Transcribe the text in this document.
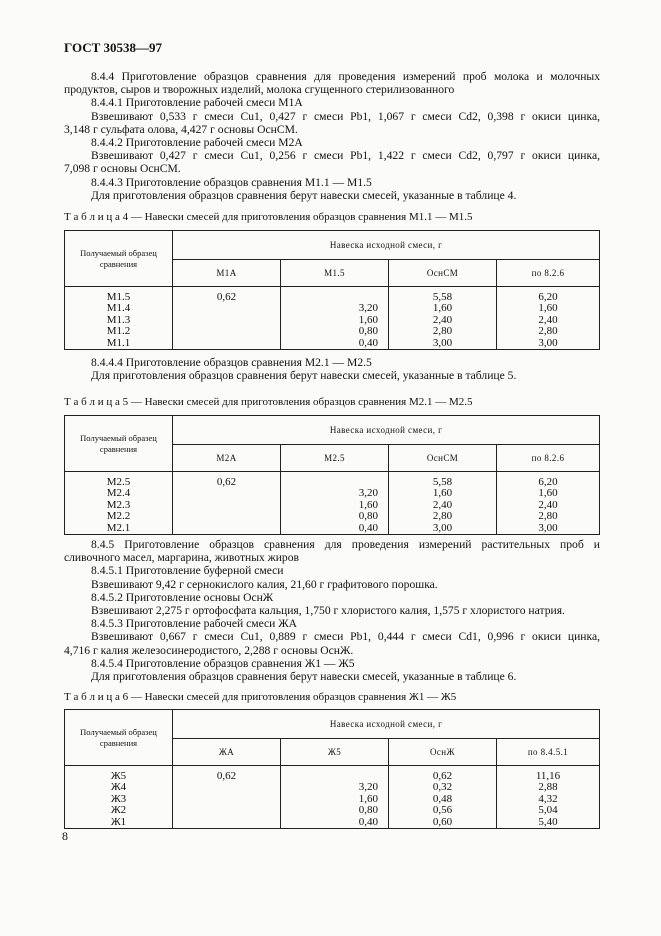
ГОСТ 30538—97

8.4.4 Приготовление образцов сравнения для проведения измерений проб молока и молочных

продуктов, сыров и творожных изделий, молока сгущенного стерилизованного

8.4.4.1 Приготовление рабочей смеси М1А

Взвешивают 0,533 г смеси Cu1, 0,427 г смеси Pb1, 1,067 г смеси Cd2, 0,398 г окиси цинка,

3,148 г сульфата олова, 4,427 г основы ОснСМ.

8.4.4.2 Приготовление рабочей смеси М2А

Взвешивают 0,427 г смеси Cu1, 0,256 г смеси Pb1, 1,422 г смеси Cd2, 0,797 г окиси цинка,

7,098 г основы ОснСМ.

8.4.4.3 Приготовление образцов сравнения М1.1 — М1.5

Для приготовления образцов сравнения берут навески смесей, указанные в таблице 4.

Т а б л и ц а 4 — Навески смесей для приготовления образцов сравнения М1.1 — М1.5
Получаемый образец сравнения	Навеска исходной смеси, г			
	М1А	М1.5	ОснСМ	по 8.2.6

М1.5	0,62		5,58	6,20
М1.4		3,20	1,60	1,60
М1.3		1,60	2,40	2,40
М1.2		0,80	2,80	2,80
М1.1		0,40	3,00	3,00

8.4.4.4 Приготовление образцов сравнения М2.1 — М2.5

Для приготовления образцов сравнения берут навески смесей, указанные в таблице 5.

Т а б л и ц а 5 — Навески смесей для приготовления образцов сравнения М2.1 — М2.5
Получаемый образец сравнения	Навеска исходной смеси, г			
	М2А	М2.5	ОснСМ	по 8.2.6

М2.5	0,62		5,58	6,20
М2.4		3,20	1,60	1,60
М2.3		1,60	2,40	2,40
М2.2		0,80	2,80	2,80
М2.1		0,40	3,00	3,00

8.4.5 Приготовление образцов сравнения для проведения измерений растительных проб и

сливочного масел, маргарина, животных жиров

8.4.5.1 Приготовление буферной смеси

Взвешивают 9,42 г сернокислого калия, 21,60 г графитового порошка.

8.4.5.2 Приготовление основы ОснЖ

Взвешивают 2,275 г ортофосфата кальция, 1,750 г хлористого калия, 1,575 г хлористого натрия.

8.4.5.3 Приготовление рабочей смеси ЖА

Взвешивают 0,667 г смеси Cu1, 0,889 г смеси Pb1, 0,444 г смеси Cd1, 0,996 г окиси цинка,

4,716 г калия железосинеродистого, 2,288 г основы ОснЖ.

8.4.5.4 Приготовление образцов сравнения Ж1 — Ж5

Для приготовления образцов сравнения берут навески смесей, указанные в таблице 6.

Т а б л и ц а 6 — Навески смесей для приготовления образцов сравнения Ж1 — Ж5
Получаемый образец сравнения	Навеска исходной смеси, г			
	ЖА	Ж5	ОснЖ	по 8.4.5.1

Ж5	0,62		0,62	11,16
Ж4		3,20	0,32	2,88
Ж3		1,60	0,48	4,32
Ж2		0,80	0,56	5,04
Ж1		0,40	0,60	5,40
8
